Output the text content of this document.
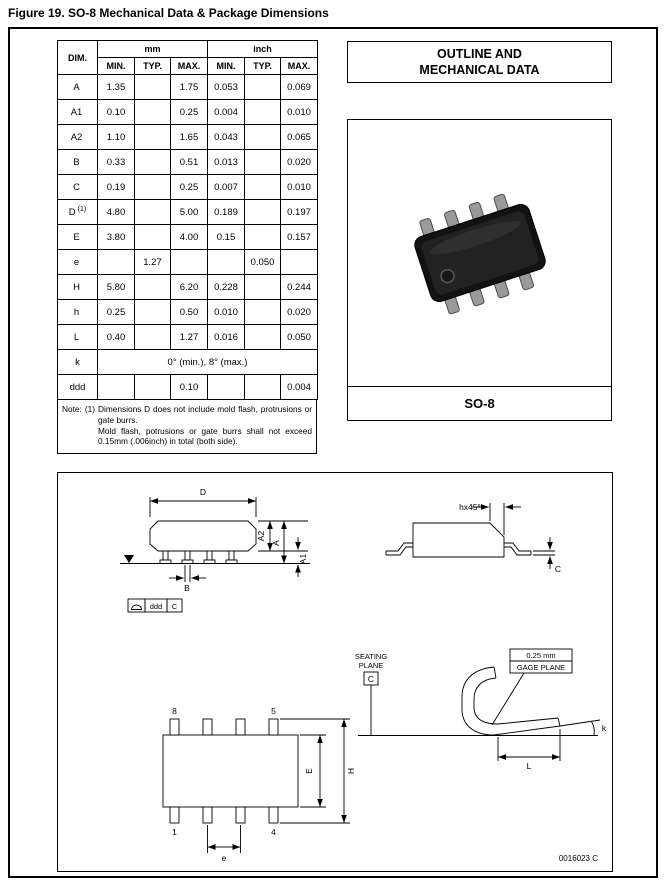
Figure 19. SO-8 Mechanical Data & Package Dimensions
DIM.	mm			inch		
	MIN.	TYP.	MAX.	MIN.	TYP.	MAX.
A	1.35		1.75	0.053		0.069
A1	0.10		0.25	0.004		0.010
A2	1.10		1.65	0.043		0.065
B	0.33		0.51	0.013		0.020
C	0.19		0.25	0.007		0.010
D $^{(1)}$	4.80		5.00	0.189		0.197
E	3.80		4.00	0.15		0.157
e		1.27			0.050	
H	5.80		6.20	0.228		0.244
h	0.25		0.50	0.010		0.020
L	0.40		1.27	0.016		0.050
k	0° (min.), 8° (max.)					
ddd			0.10			0.004
Note: (1) Dimensions D does not include mold flash, protrusions or gate burrs.
Mold flash, potrusions or gate burrs shall not exceed 0.15mm (.006inch) in total (both side).
OUTLINE AND
MECHANICAL DATA
SO-8
D
A2
A
A1
B
ddd C
hx45°
C
SEATING
PLANE
C
0.25 mm
GAGE PLANE
L
k
8	5
1	4
E	H
e	0016023 C
